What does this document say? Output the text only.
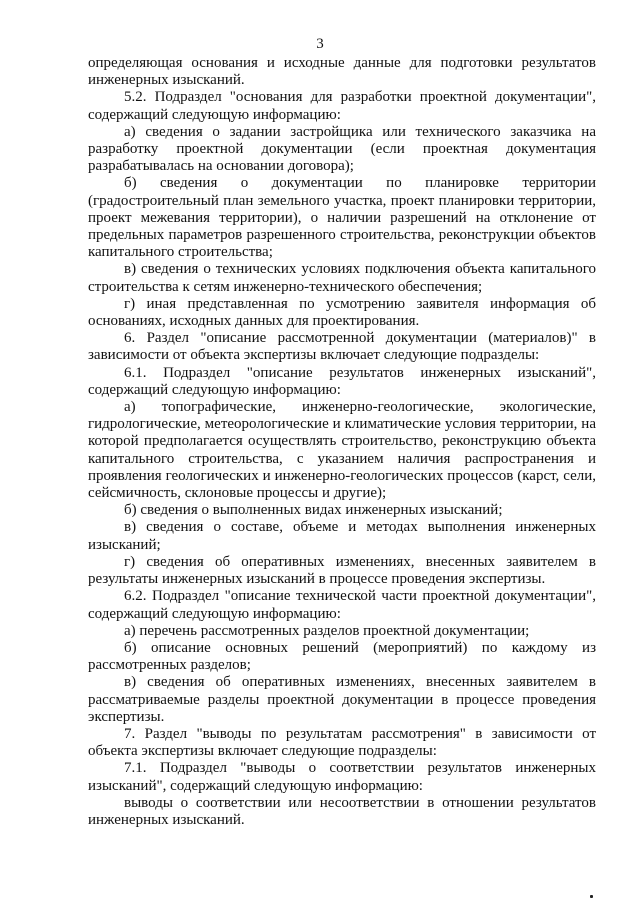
3

определяющая основания и исходные данные для подготовки результатов инженерных изысканий.

5.2. Подраздел "основания для разработки проектной документации", содержащий следующую информацию:

а) сведения о задании застройщика или технического заказчика на разработку проектной документации (если проектная документация разрабатывалась на основании договора);

б) сведения о документации по планировке территории (градостроительный план земельного участка, проект планировки территории, проект межевания территории), о наличии разрешений на отклонение от предельных параметров разрешенного строительства, реконструкции объектов капитального строительства;

в) сведения о технических условиях подключения объекта капитального строительства к сетям инженерно-технического обеспечения;

г) иная представленная по усмотрению заявителя информация об основаниях, исходных данных для проектирования.

6. Раздел "описание рассмотренной документации (материалов)" в зависимости от объекта экспертизы включает следующие подразделы:

6.1. Подраздел "описание результатов инженерных изысканий", содержащий следующую информацию:

а) топографические, инженерно-геологические, экологические, гидрологические, метеорологические и климатические условия территории, на которой предполагается осуществлять строительство, реконструкцию объекта капитального строительства, с указанием наличия распространения и проявления геологических и инженерно-геологических процессов (карст, сели, сейсмичность, склоновые процессы и другие);

б) сведения о выполненных видах инженерных изысканий;

в) сведения о составе, объеме и методах выполнения инженерных изысканий;

г) сведения об оперативных изменениях, внесенных заявителем в результаты инженерных изысканий в процессе проведения экспертизы.

6.2. Подраздел "описание технической части проектной документации", содержащий следующую информацию:

а) перечень рассмотренных разделов проектной документации;

б) описание основных решений (мероприятий) по каждому из рассмотренных разделов;

в) сведения об оперативных изменениях, внесенных заявителем в рассматриваемые разделы проектной документации в процессе проведения экспертизы.

7. Раздел "выводы по результатам рассмотрения" в зависимости от объекта экспертизы включает следующие подразделы:

7.1. Подраздел "выводы о соответствии результатов инженерных изысканий", содержащий следующую информацию:

выводы о соответствии или несоответствии в отношении результатов инженерных изысканий.
